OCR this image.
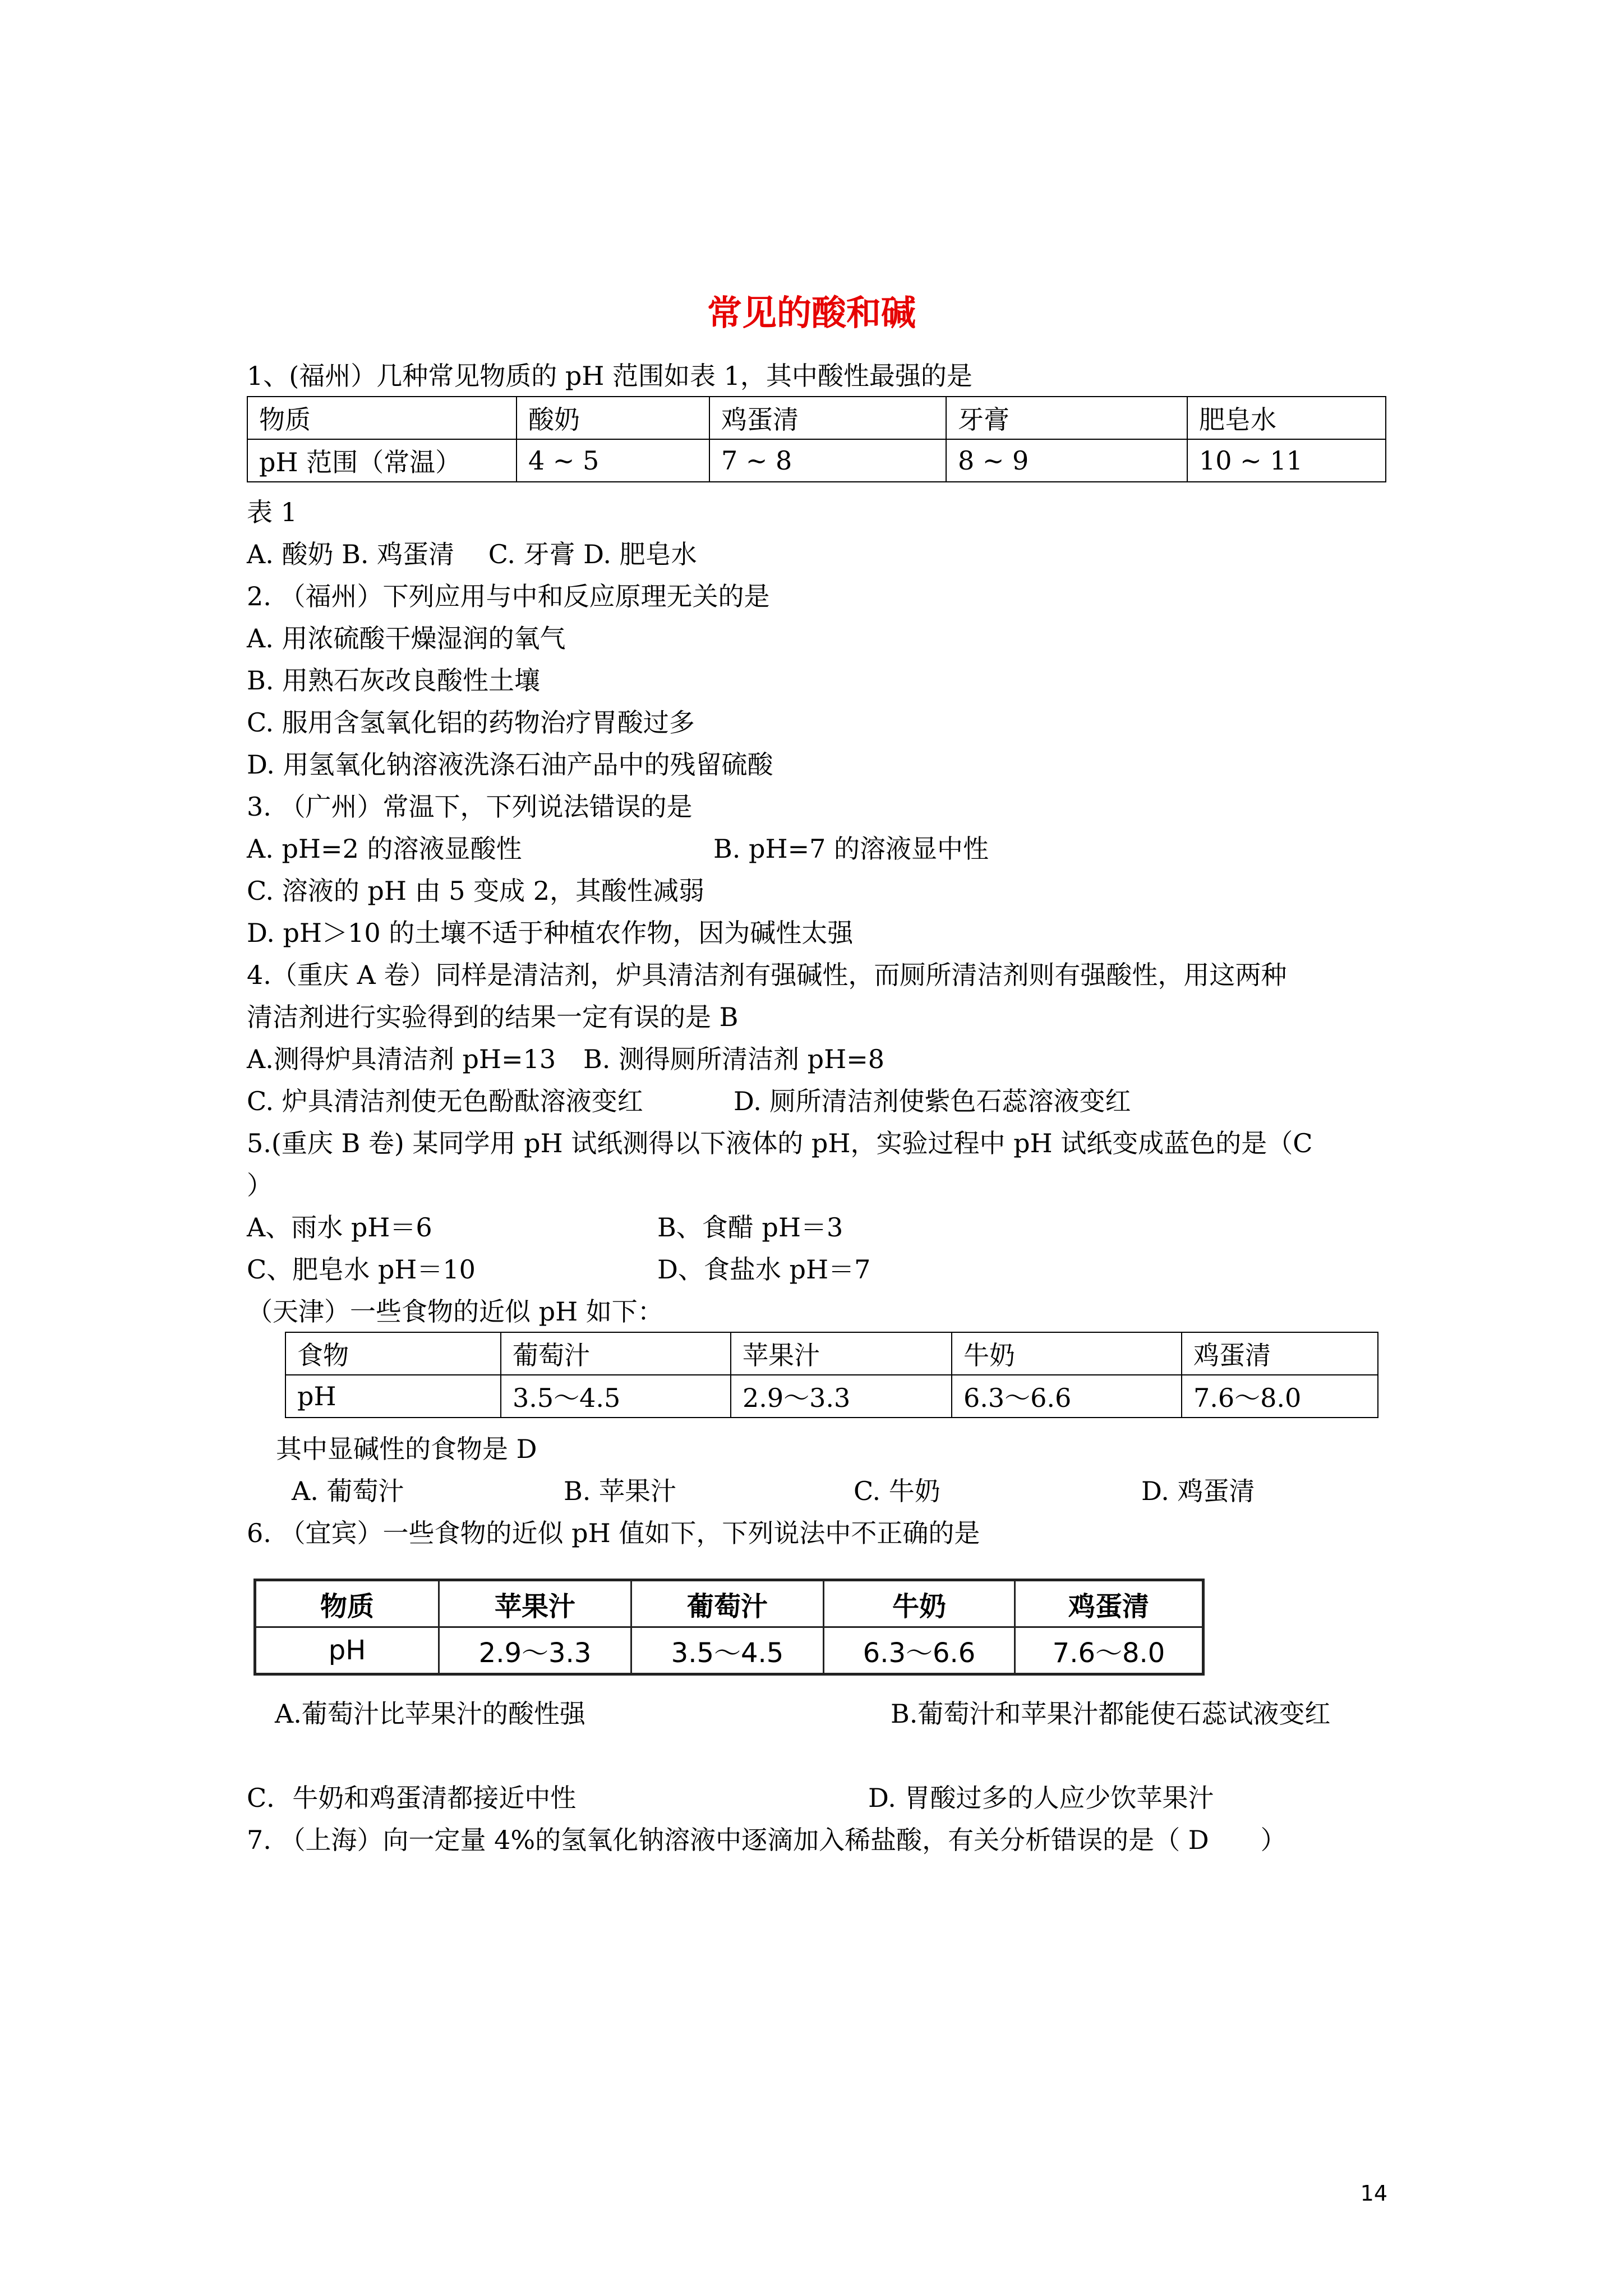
常见的酸和碱
1、(福州）几种常见物质的 pH 范围如表 1，其中酸性最强的是
物质	酸奶	鸡蛋清	牙膏	肥皂水
pH 范围（常温）	4 ~ 5	7 ~ 8	8 ~ 9	10 ~ 11
表 1
A. 酸奶 B. 鸡蛋清　 C. 牙膏 D. 肥皂水
2. （福州）下列应用与中和反应原理无关的是
A. 用浓硫酸干燥湿润的氧气
B. 用熟石灰改良酸性土壤
C. 服用含氢氧化铝的药物治疗胃酸过多
D. 用氢氧化钠溶液洗涤石油产品中的残留硫酸
3. （广州）常温下，下列说法错误的是
A. pH=2 的溶液显酸性	B. pH=7 的溶液显中性
C. 溶液的 pH 由 5 变成 2，其酸性减弱
D. pH＞10 的土壤不适于种植农作物，因为碱性太强
4.（重庆 A 卷）同样是清洁剂，炉具清洁剂有强碱性，而厕所清洁剂则有强酸性，用这两种
清洁剂进行实验得到的结果一定有误的是 B
A.测得炉具清洁剂 pH=13 B. 测得厕所清洁剂 pH=8
C. 炉具清洁剂使无色酚酞溶液变红	D. 厕所清洁剂使紫色石蕊溶液变红
5.(重庆 B 卷) 某同学用 pH 试纸测得以下液体的 pH，实验过程中 pH 试纸变成蓝色的是（C
）
A、雨水 pH＝6	B、食醋 pH＝3
C、肥皂水 pH＝10	D、食盐水 pH＝7
（天津）一些食物的近似 pH 如下：
食物	葡萄汁	苹果汁	牛奶	鸡蛋清
pH	3.5～4.5	2.9～3.3	6.3～6.6	7.6～8.0
其中显碱性的食物是 D
A. 葡萄汁	B. 苹果汁	C. 牛奶	D. 鸡蛋清
6. （宜宾）一些食物的近似 pH 值如下，下列说法中不正确的是
物质	苹果汁	葡萄汁	牛奶	鸡蛋清
pH	2.9～3.3	3.5～4.5	6.3～6.6	7.6～8.0
A.葡萄汁比苹果汁的酸性强	B.葡萄汁和苹果汁都能使石蕊试液变红
C．牛奶和鸡蛋清都接近中性	D. 胃酸过多的人应少饮苹果汁
7. （上海）向一定量 4%的氢氧化钠溶液中逐滴加入稀盐酸，有关分析错误的是（ D　　）
14
